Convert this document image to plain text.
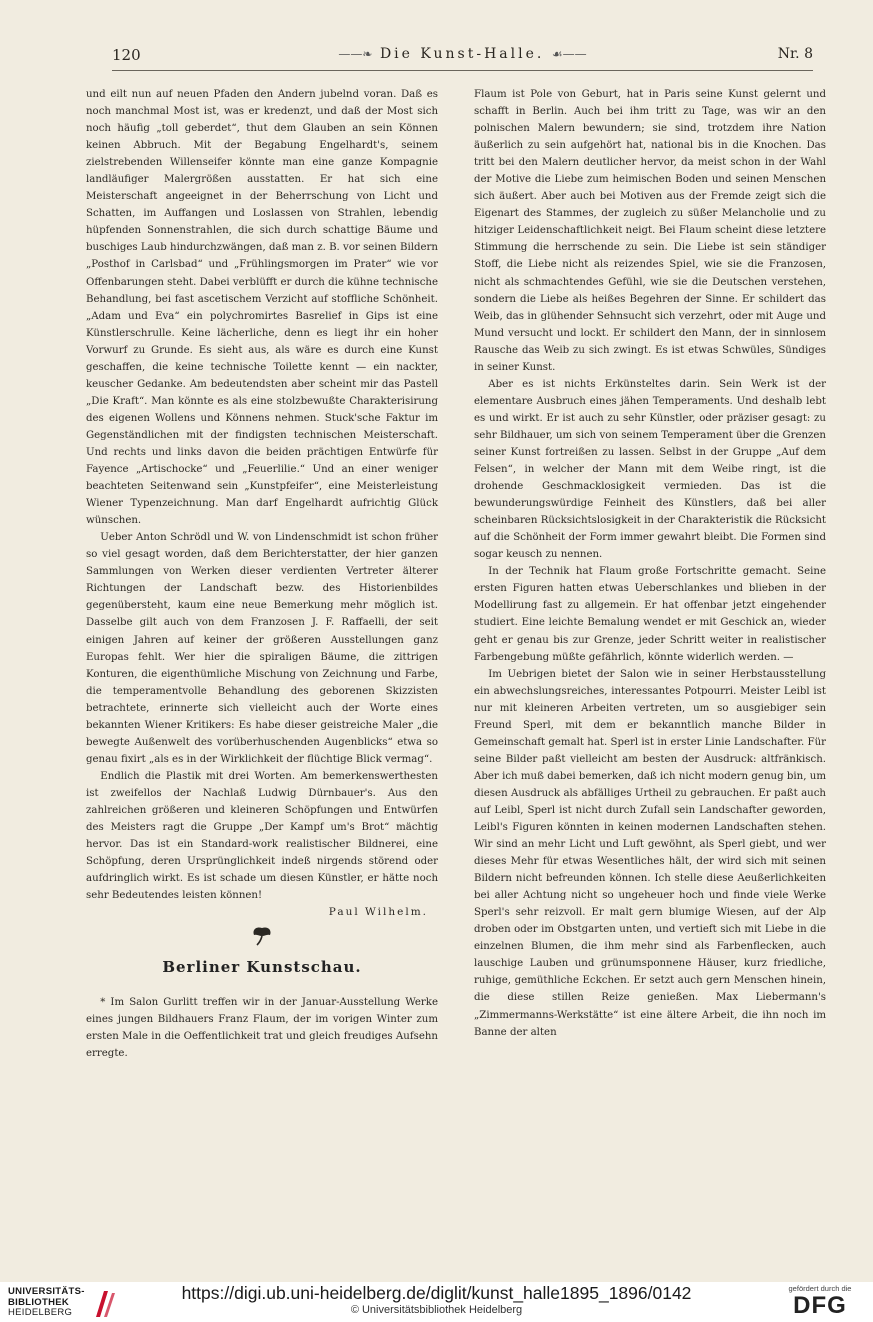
120	——❧ Die Kunst-Halle. ☙——	Nr. 8

und eilt nun auf neuen Pfaden den Andern jubelnd voran. Daß es noch manchmal Most ist, was er kredenzt, und daß der Most sich noch häufig „toll geberdet“, thut dem Glauben an sein Können keinen Abbruch. Mit der Begabung Engelhardt's, seinem zielstrebenden Willenseifer könnte man eine ganze Kompagnie landläufiger Malergrößen ausstatten. Er hat sich eine Meisterschaft angeeignet in der Beherrschung von Licht und Schatten, im Auffangen und Loslassen von Strahlen, lebendig hüpfenden Sonnenstrahlen, die sich durch schattige Bäume und buschiges Laub hindurchzwängen, daß man z. B. vor seinen Bildern „Posthof in Carlsbad“ und „Frühlingsmorgen im Prater“ wie vor Offenbarungen steht. Dabei verblüfft er durch die kühne technische Behandlung, bei fast ascetischem Verzicht auf stoffliche Schönheit. „Adam und Eva“ ein polychromirtes Basrelief in Gips ist eine Künstlerschrulle. Keine lächerliche, denn es liegt ihr ein hoher Vorwurf zu Grunde. Es sieht aus, als wäre es durch eine Kunst geschaffen, die keine technische Toilette kennt — ein nackter, keuscher Gedanke. Am bedeutendsten aber scheint mir das Pastell „Die Kraft“. Man könnte es als eine stolzbewußte Charakterisirung des eigenen Wollens und Könnens nehmen. Stuck'sche Faktur im Gegenständlichen mit der findigsten technischen Meisterschaft. Und rechts und links davon die beiden prächtigen Entwürfe für Fayence „Artischocke“ und „Feuerlilie.“ Und an einer weniger beachteten Seitenwand sein „Kunstpfeifer“, eine Meisterleistung Wiener Typenzeichnung. Man darf Engelhardt aufrichtig Glück wünschen.

Ueber Anton Schrödl und W. von Lindenschmidt ist schon früher so viel gesagt worden, daß dem Berichterstatter, der hier ganzen Sammlungen von Werken dieser verdienten Vertreter älterer Richtungen der Landschaft bezw. des Historienbildes gegenübersteht, kaum eine neue Bemerkung mehr möglich ist. Dasselbe gilt auch von dem Franzosen J. F. Raffaelli, der seit einigen Jahren auf keiner der größeren Ausstellungen ganz Europas fehlt. Wer hier die spiraligen Bäume, die zittrigen Konturen, die eigenthümliche Mischung von Zeichnung und Farbe, die temperamentvolle Behandlung des geborenen Skizzisten betrachtete, erinnerte sich vielleicht auch der Worte eines bekannten Wiener Kritikers: Es habe dieser geistreiche Maler „die bewegte Außenwelt des vorüberhuschenden Augenblicks“ etwa so genau fixirt „als es in der Wirklichkeit der flüchtige Blick vermag“.

Endlich die Plastik mit drei Worten. Am bemerkenswerthesten ist zweifellos der Nachlaß Ludwig Dürnbauer's. Aus den zahlreichen größeren und kleineren Schöpfungen und Entwürfen des Meisters ragt die Gruppe „Der Kampf um's Brot“ mächtig hervor. Das ist ein Standard-work realistischer Bildnerei, eine Schöpfung, deren Ursprünglichkeit indeß nirgends störend oder aufdringlich wirkt. Es ist schade um diesen Künstler, er hätte noch sehr Bedeutendes leisten können!

Paul Wilhelm.
Berliner Kunstschau.

* Im Salon Gurlitt treffen wir in der Januar-Ausstellung Werke eines jungen Bildhauers Franz Flaum, der im vorigen Winter zum ersten Male in die Oeffentlichkeit trat und gleich freudiges Aufsehn erregte.

Flaum ist Pole von Geburt, hat in Paris seine Kunst gelernt und schafft in Berlin. Auch bei ihm tritt zu Tage, was wir an den polnischen Malern bewundern; sie sind, trotzdem ihre Nation äußerlich zu sein aufgehört hat, national bis in die Knochen. Das tritt bei den Malern deutlicher hervor, da meist schon in der Wahl der Motive die Liebe zum heimischen Boden und seinen Menschen sich äußert. Aber auch bei Motiven aus der Fremde zeigt sich die Eigenart des Stammes, der zugleich zu süßer Melancholie und zu hitziger Leidenschaftlichkeit neigt. Bei Flaum scheint diese letztere Stimmung die herrschende zu sein. Die Liebe ist sein ständiger Stoff, die Liebe nicht als reizendes Spiel, wie sie die Franzosen, nicht als schmachtendes Gefühl, wie sie die Deutschen verstehen, sondern die Liebe als heißes Begehren der Sinne. Er schildert das Weib, das in glühender Sehnsucht sich verzehrt, oder mit Auge und Mund versucht und lockt. Er schildert den Mann, der in sinnlosem Rausche das Weib zu sich zwingt. Es ist etwas Schwüles, Sündiges in seiner Kunst.

Aber es ist nichts Erkünsteltes darin. Sein Werk ist der elementare Ausbruch eines jähen Temperaments. Und deshalb lebt es und wirkt. Er ist auch zu sehr Künstler, oder präziser gesagt: zu sehr Bildhauer, um sich von seinem Temperament über die Grenzen seiner Kunst fortreißen zu lassen. Selbst in der Gruppe „Auf dem Felsen“, in welcher der Mann mit dem Weibe ringt, ist die drohende Geschmacklosigkeit vermieden. Das ist die bewunderungswürdige Feinheit des Künstlers, daß bei aller scheinbaren Rücksichtslosigkeit in der Charakteristik die Rücksicht auf die Schönheit der Form immer gewahrt bleibt. Die Formen sind sogar keusch zu nennen.

In der Technik hat Flaum große Fortschritte gemacht. Seine ersten Figuren hatten etwas Ueberschlankes und blieben in der Modellirung fast zu allgemein. Er hat offenbar jetzt eingehender studiert. Eine leichte Bemalung wendet er mit Geschick an, wieder geht er genau bis zur Grenze, jeder Schritt weiter in realistischer Farbengebung müßte gefährlich, könnte widerlich werden. —

Im Uebrigen bietet der Salon wie in seiner Herbstausstellung ein abwechslungsreiches, interessantes Potpourri. Meister Leibl ist nur mit kleineren Arbeiten vertreten, um so ausgiebiger sein Freund Sperl, mit dem er bekanntlich manche Bilder in Gemeinschaft gemalt hat. Sperl ist in erster Linie Landschafter. Für seine Bilder paßt vielleicht am besten der Ausdruck: altfränkisch. Aber ich muß dabei bemerken, daß ich nicht modern genug bin, um diesen Ausdruck als abfälliges Urtheil zu gebrauchen. Er paßt auch auf Leibl, Sperl ist nicht durch Zufall sein Landschafter geworden, Leibl's Figuren könnten in keinen modernen Landschaften stehen. Wir sind an mehr Licht und Luft gewöhnt, als Sperl giebt, und wer dieses Mehr für etwas Wesentliches hält, der wird sich mit seinen Bildern nicht befreunden können. Ich stelle diese Aeußerlichkeiten bei aller Achtung nicht so ungeheuer hoch und finde viele Werke Sperl's sehr reizvoll. Er malt gern blumige Wiesen, auf der Alp droben oder im Obstgarten unten, und vertieft sich mit Liebe in die einzelnen Blumen, die ihm mehr sind als Farbenflecken, auch lauschige Lauben und grünumsponnene Häuser, kurz friedliche, ruhige, gemüthliche Eckchen. Er setzt auch gern Menschen hinein, die diese stillen Reize genießen. Max Liebermann's „Zimmermanns-Werkstätte“ ist eine ältere Arbeit, die ihn noch im Banne der alten

UNIVERSITÄTS-
BIBLIOTHEK
HEIDELBERG
https://digi.ub.uni-heidelberg.de/diglit/kunst_halle1895_1896/0142
© Universitätsbibliothek Heidelberg
gefördert durch die
DFG
